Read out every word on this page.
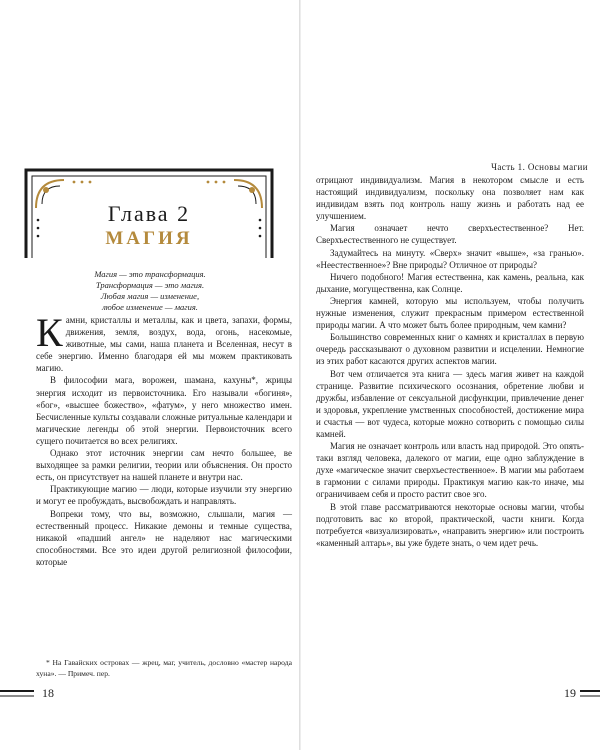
Глава 2
МАГИЯ
Магия — это трансформация.
Трансформация — это магия.
Любая магия — изменение,
любое изменение — магия.

Камни, кристаллы и металлы, как и цвета, запахи, формы, движения, земля, воздух, вода, огонь, насекомые, животные, мы сами, наша планета и Вселенная, несут в себе энергию. Именно благодаря ей мы можем практиковать магию.

В философии мага, ворожеи, шамана, кахуны*, жрицы энергия исходит из первоисточника. Его называли «богиня», «бог», «высшее божество», «фатум», у него множество имен. Бесчисленные культы создавали сложные ритуальные календари и магические легенды об этой энергии. Первоисточник всего сущего почитается во всех религиях.

Однако этот источник энергии сам нечто большее, ве выходящее за рамки религии, теории или объяснения. Он просто есть, он присутствует на нашей планете и внутри нас.

Практикующие магию — люди, которые изучили эту энергию и могут ее пробуждать, высвобождать и направлять.

Вопреки тому, что вы, возможно, слышали, магия — естественный процесс. Никакие демоны и темные существа, никакой «падший ангел» не наделяют нас магическими способностями. Все это идеи другой религиозной философии, которые

* На Гавайских островах — жрец, маг, учитель, дословно «мастер народа хуна». — Примеч. пер.
18
Часть 1. Основы магии

отрицают индивидуализм. Магия в некотором смысле и есть настоящий индивидуализм, поскольку она позволяет нам как индивидам взять под контроль нашу жизнь и работать над ее улучшением.

Магия означает нечто сверхъестественное? Нет. Сверхъестественного не существует.

Задумайтесь на минуту. «Сверх» значит «выше», «за гранью». «Неестественное»? Вне природы? Отличное от природы?

Ничего подобного! Магия естественна, как камень, реальна, как дыхание, могущественна, как Солнце.

Энергия камней, которую мы используем, чтобы получить нужные изменения, служит прекрасным примером естественной природы магии. А что может быть более природным, чем камни?

Большинство современных книг о камнях и кристаллах в первую очередь рассказывают о духовном развитии и исцелении. Немногие из этих работ касаются других аспектов магии.

Вот чем отличается эта книга — здесь магия живет на каждой странице. Развитие психического осознания, обретение любви и дружбы, избавление от сексуальной дисфункции, привлечение денег и здоровья, укрепление умственных способностей, достижение мира и счастья — вот чудеса, которые можно сотворить с помощью силы камней.

Магия не означает контроль или власть над природой. Это опять-таки взгляд человека, далекого от магии, еще одно заблуждение в духе «магическое значит сверхъестественное». В магии мы работаем в гармонии с силами природы. Практикуя магию как-то иначе, мы ограничиваем себя и просто растит свое эго.

В этой главе рассматриваются некоторые основы магии, чтобы подготовить вас ко второй, практической, части книги. Когда потребуется «визуализировать», «направить энергию» или построить «каменный алтарь», вы уже будете знать, о чем идет речь.

19
